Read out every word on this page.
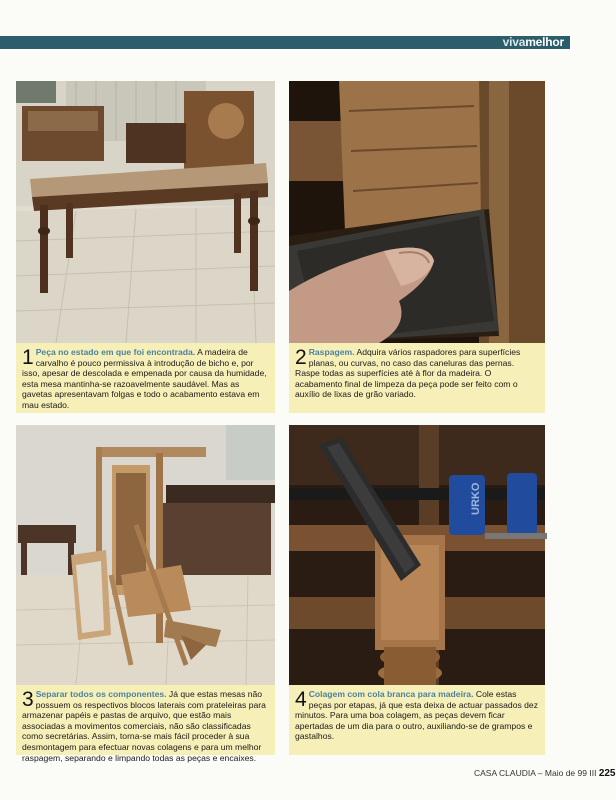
vivamelhor
1 Peça no estado em que foi encontrada. A madeira de carvalho é pouco permissiva à introdução de bicho e, por isso, apesar de descolada e empenada por causa da humidade, esta mesa mantinha-se razoavelmente saudável. Mas as gavetas apresentavam folgas e todo o acabamento estava em mau estado.
2 Raspagem. Adquira vários raspadores para superfícies planas, ou curvas, no caso das caneluras das pernas. Raspe todas as superfícies até à flor da madeira. O acabamento final de limpeza da peça pode ser feito com o auxílio de lixas de grão variado.
3 Separar todos os componentes. Já que estas mesas não possuem os respectivos blocos laterais com prateleiras para armazenar papéis e pastas de arquivo, que estão mais associadas a movimentos comerciais, não são classificadas como secretárias. Assim, torna-se mais fácil proceder à sua desmontagem para efectuar novas colagens e para um melhor raspagem, separando e limpando todas as peças e encaixes.
URKO
4 Colagem com cola branca para madeira. Cole estas peças por etapas, já que esta deixa de actuar passados dez minutos. Para uma boa colagem, as peças devem ficar apertadas de um dia para o outro, auxiliando-se de grampos e gastalhos.
CASA CLAUDIA – Maio de 99 III 225
